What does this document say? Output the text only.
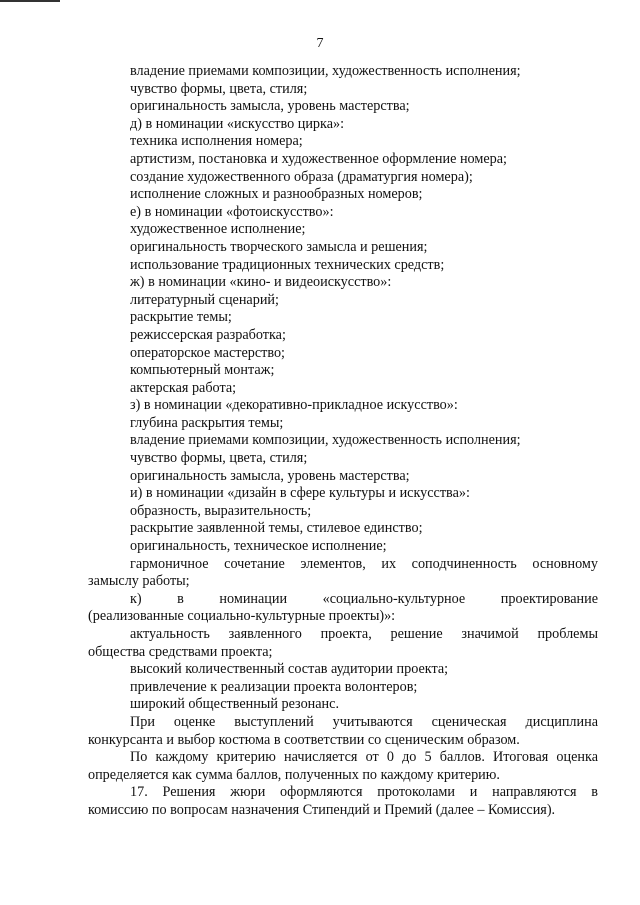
7
владение приемами композиции, художественность исполнения;
чувство формы, цвета, стиля;
оригинальность замысла, уровень мастерства;
д) в номинации «искусство цирка»:
техника исполнения номера;
артистизм, постановка и художественное оформление номера;
создание художественного образа (драматургия номера);
исполнение сложных и разнообразных номеров;
е) в номинации «фотоискусство»:
художественное исполнение;
оригинальность творческого замысла и решения;
использование традиционных технических средств;
ж) в номинации «кино- и видеоискусство»:
литературный сценарий;
раскрытие темы;
режиссерская разработка;
операторское мастерство;
компьютерный монтаж;
актерская работа;
з) в номинации «декоративно-прикладное искусство»:
глубина раскрытия темы;
владение приемами композиции, художественность исполнения;
чувство формы, цвета, стиля;
оригинальность замысла, уровень мастерства;
и) в номинации «дизайн в сфере культуры и искусства»:
образность, выразительность;
раскрытие заявленной темы, стилевое единство;
оригинальность, техническое исполнение;
гармоничное сочетание элементов, их соподчиненность основному
замыслу работы;
к) в номинации «социально-культурное проектирование
(реализованные социально-культурные проекты)»:
актуальность заявленного проекта, решение значимой проблемы
общества средствами проекта;
высокий количественный состав аудитории проекта;
привлечение к реализации проекта волонтеров;
широкий общественный резонанс.
При оценке выступлений учитываются сценическая дисциплина
конкурсанта и выбор костюма в соответствии со сценическим образом.
По каждому критерию начисляется от 0 до 5 баллов. Итоговая оценка
определяется как сумма баллов, полученных по каждому критерию.
17. Решения жюри оформляются протоколами и направляются в
комиссию по вопросам назначения Стипендий и Премий (далее – Комиссия).
